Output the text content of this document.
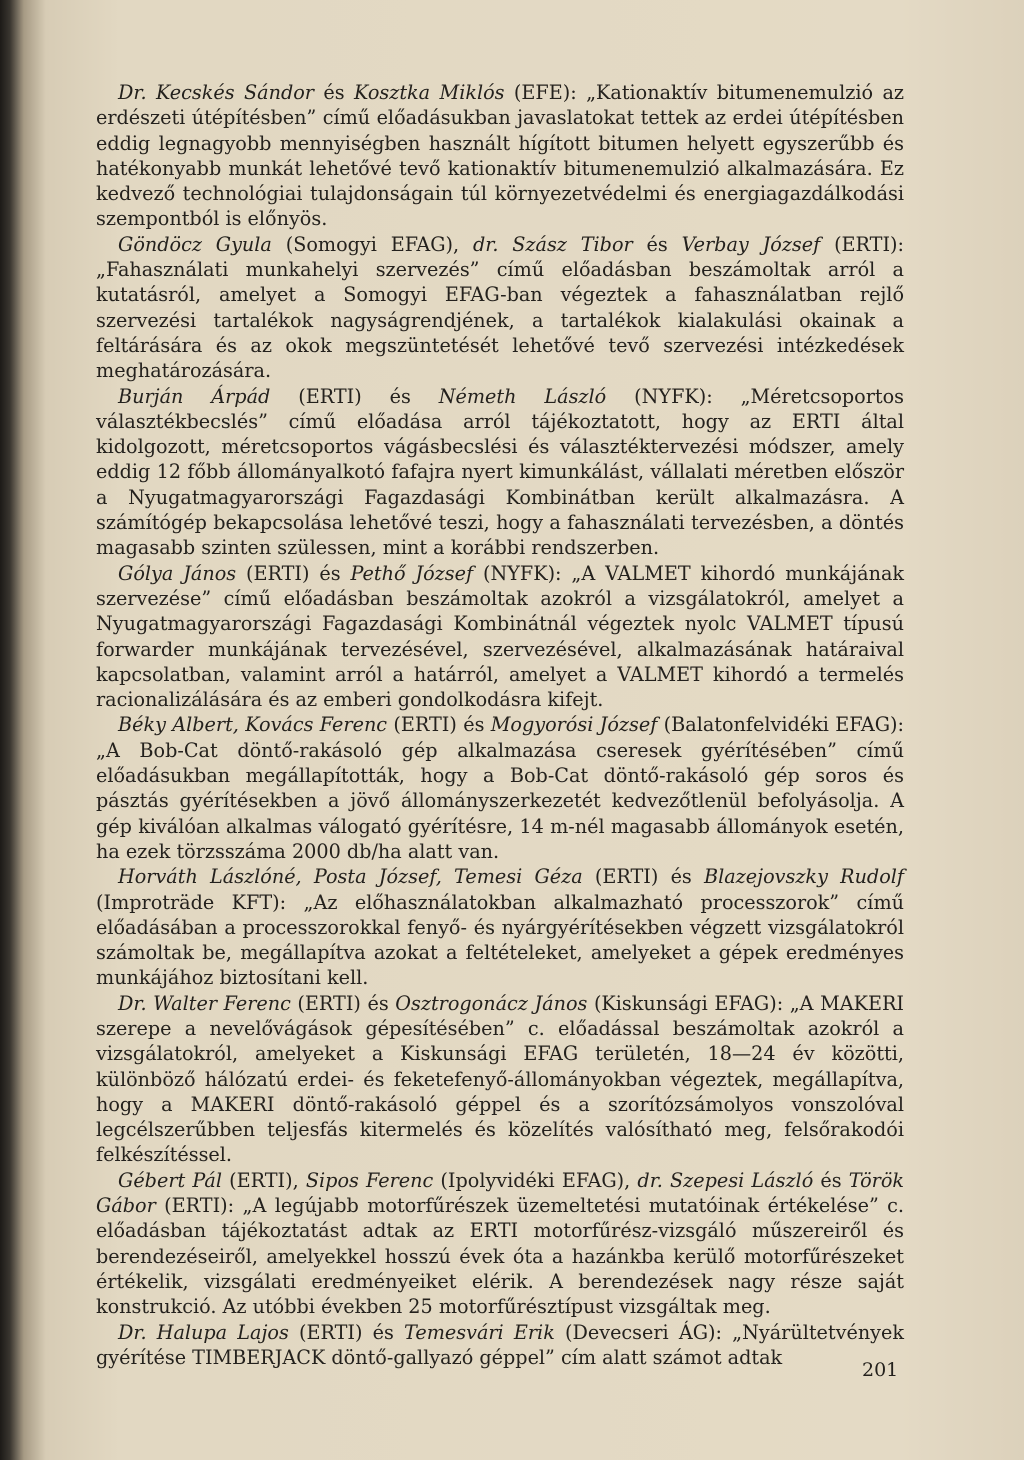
Dr. Kecskés Sándor és Kosztka Miklós (EFE): „Kationaktív bitumenemulzió az erdészeti útépítésben” című előadásukban javaslatokat tettek az erdei útépítésben eddig legnagyobb mennyiségben használt hígított bitumen helyett egyszerűbb és hatékonyabb munkát lehetővé tevő kationaktív bitumenemulzió alkalmazására. Ez kedvező technológiai tulajdonságain túl környezetvédelmi és energiagazdálkodási szempontból is előnyös.

Göndöcz Gyula (Somogyi EFAG), dr. Szász Tibor és Verbay József (ERTI): „Fahasználati munkahelyi szervezés” című előadásban beszámoltak arról a kutatásról, amelyet a Somogyi EFAG-ban végeztek a fahasználatban rejlő szervezési tartalékok nagyságrendjének, a tartalékok kialakulási okainak a feltárására és az okok megszüntetését lehetővé tevő szervezési intézkedések meghatározására.

Burján Árpád (ERTI) és Németh László (NYFK): „Méretcsoportos választékbecslés” című előadása arról tájékoztatott, hogy az ERTI által kidolgozott, méretcsoportos vágásbecslési és választéktervezési módszer, amely eddig 12 főbb állományalkotó fafajra nyert kimunkálást, vállalati méretben először a Nyugatmagyarországi Fagazdasági Kombinátban került alkalmazásra. A számítógép bekapcsolása lehetővé teszi, hogy a fahasználati tervezésben, a döntés magasabb szinten szülessen, mint a korábbi rendszerben.

Gólya János (ERTI) és Pethő József (NYFK): „A VALMET kihordó munkájának szervezése” című előadásban beszámoltak azokról a vizsgálatokról, amelyet a Nyugatmagyarországi Fagazdasági Kombinátnál végeztek nyolc VALMET típusú forwarder munkájának tervezésével, szervezésével, alkalmazásának határaival kapcsolatban, valamint arról a határról, amelyet a VALMET kihordó a termelés racionalizálására és az emberi gondolkodásra kifejt.

Béky Albert, Kovács Ferenc (ERTI) és Mogyorósi József (Balatonfelvidéki EFAG): „A Bob-Cat döntő-rakásoló gép alkalmazása cseresek gyérítésében” című előadásukban megállapították, hogy a Bob-Cat döntő-rakásoló gép soros és pásztás gyérítésekben a jövő állományszerkezetét kedvezőtlenül befolyásolja. A gép kiválóan alkalmas válogató gyérítésre, 14 m-nél magasabb állományok esetén, ha ezek törzsszáma 2000 db/ha alatt van.

Horváth Lászlóné, Posta József, Temesi Géza (ERTI) és Blazejovszky Rudolf (Improträde KFT): „Az előhasználatokban alkalmazható processzorok” című előadásában a processzorokkal fenyő- és nyárgyérítésekben végzett vizsgálatokról számoltak be, megállapítva azokat a feltételeket, amelyeket a gépek eredményes munkájához biztosítani kell.

Dr. Walter Ferenc (ERTI) és Osztrogonácz János (Kiskunsági EFAG): „A MAKERI szerepe a nevelővágások gépesítésében” c. előadással beszámoltak azokról a vizsgálatokról, amelyeket a Kiskunsági EFAG területén, 18—24 év közötti, különböző hálózatú erdei- és feketefenyő-állományokban végeztek, megállapítva, hogy a MAKERI döntő-rakásoló géppel és a szorítózsámolyos vonszolóval legcélszerűbben teljesfás kitermelés és közelítés valósítható meg, felsőrakodói felkészítéssel.

Gébert Pál (ERTI), Sipos Ferenc (Ipolyvidéki EFAG), dr. Szepesi László és Török Gábor (ERTI): „A legújabb motorfűrészek üzemeltetési mutatóinak értékelése” c. előadásban tájékoztatást adtak az ERTI motorfűrész-vizsgáló műszereiről és berendezéseiről, amelyekkel hosszú évek óta a hazánkba kerülő motorfűrészeket értékelik, vizsgálati eredményeiket elérik. A berendezések nagy része saját konstrukció. Az utóbbi években 25 motorfűrésztípust vizsgáltak meg.

Dr. Halupa Lajos (ERTI) és Temesvári Erik (Devecseri ÁG): „Nyárültetvények gyérítése TIMBERJACK döntő-gallyazó géppel” cím alatt számot adtak

201
